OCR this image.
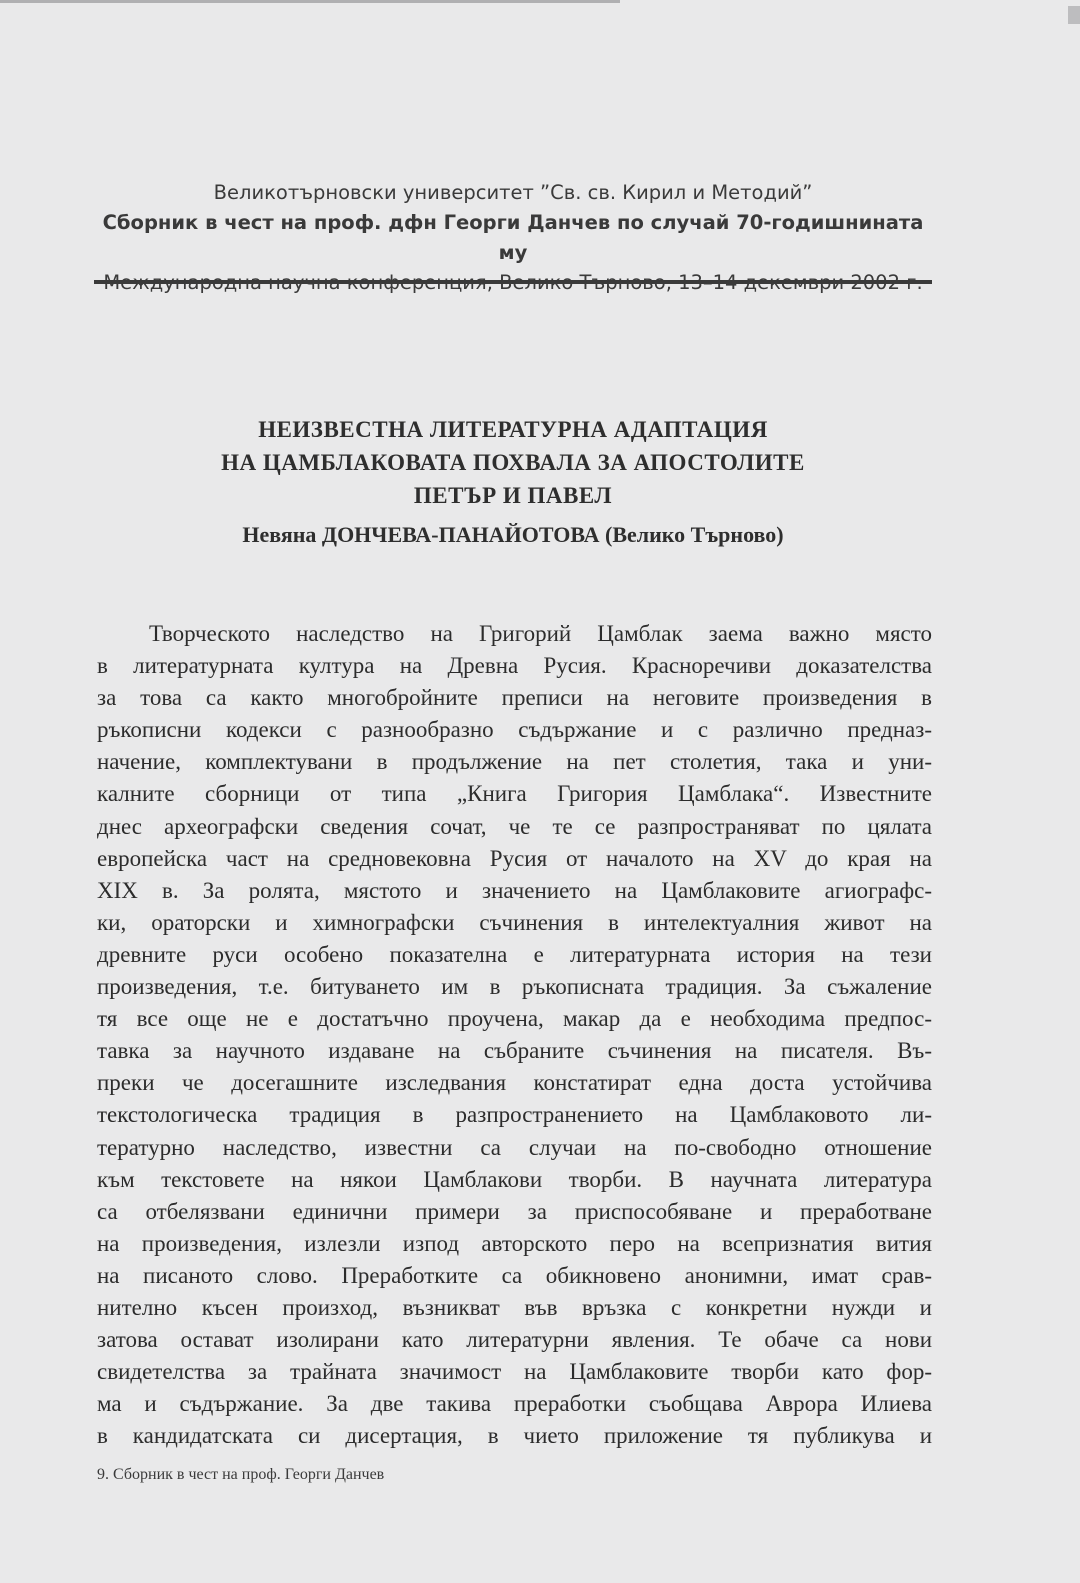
Великотърновски университет ”Св. св. Кирил и Методий”
Сборник в чест на проф. дфн Георги Данчев по случай 70-годишнината му
НЕИЗВЕСТНА ЛИТЕРАТУРНА АДАПТАЦИЯ
НА ЦАМБЛАКОВАТА ПОХВАЛА ЗА АПОСТОЛИТЕ
ПЕТЪР И ПАВЕЛ
Невяна ДОНЧЕВА-ПАНАЙОТОВА (Велико Търново)
Творческото наследство на Григорий Цамблак заема важно място
в литературната култура на Древна Русия. Красноречиви доказателства
за това са както многобройните преписи на неговите произведения в
ръкописни кодекси с разнообразно съдържание и с различно предназ-
начение, комплектувани в продължение на пет столетия, така и уни-
калните сборници от типа „Книга Григория Цамблака“. Известните
днес археографски сведения сочат, че те се разпространяват по цялата
европейска част на средновековна Русия от началото на XV до края на
XIX в. За ролята, мястото и значението на Цамблаковите агиографс-
ки, ораторски и химнографски съчинения в интелектуалния живот на
древните руси особено показателна е литературната история на тези
произведения, т.е. битуването им в ръкописната традиция. За съжаление
тя все още не е достатъчно проучена, макар да е необходима предпос-
тавка за научното издаване на събраните съчинения на писателя. Въ-
преки че досегашните изследвания констатират една доста устойчива
текстологическа традиция в разпространението на Цамблаковото ли-
тературно наследство, известни са случаи на по-свободно отношение
към текстовете на някои Цамблакови творби. В научната литература
са отбелязвани единични примери за приспособяване и преработване
на произведения, излезли изпод авторското перо на всепризнатия вития
на писаното слово. Преработките са обикновено анонимни, имат срав-
нително късен произход, възникват във връзка с конкретни нужди и
затова остават изолирани като литературни явления. Те обаче са нови
свидетелства за трайната значимост на Цамблаковите творби като фор-
ма и съдържание. За две такива преработки съобщава Аврора Илиева
в кандидатската си дисертация, в чието приложение тя публикува и
9. Сборник в чест на проф. Георги Данчев
